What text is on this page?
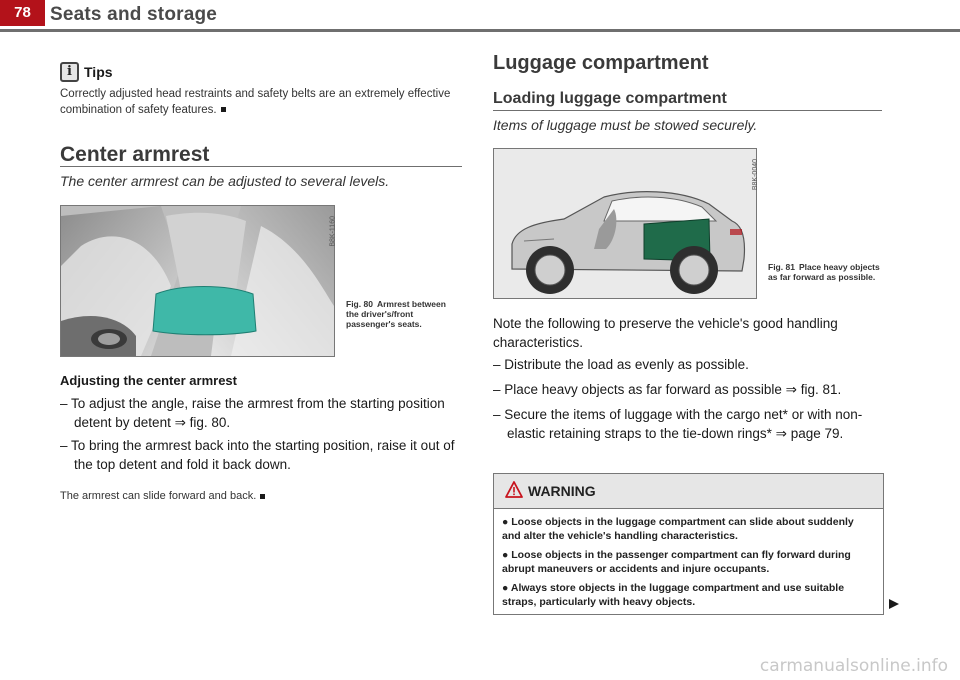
78	Seats and storage
i Tips
Correctly adjusted head restraints and safety belts are an extremely effective combination of safety features.
Center armrest
The center armrest can be adjusted to several levels.
B8K-1160
Fig. 80 Armrest between the driver's/front passenger's seats.
Adjusting the center armrest
– To adjust the angle, raise the armrest from the starting position detent by detent ⇒ fig. 80.
– To bring the armrest back into the starting position, raise it out of the top detent and fold it back down.
The armrest can slide forward and back.
Luggage compartment
Loading luggage compartment
Items of luggage must be stowed securely.
B8K-0040
Fig. 81 Place heavy objects as far forward as possible.
Note the following to preserve the vehicle's good handling characteristics.
– Distribute the load as evenly as possible.
– Place heavy objects as far forward as possible ⇒ fig. 81.
– Secure the items of luggage with the cargo net* or with non-elastic retaining straps to the tie-down rings* ⇒ page 79.
WARNING

● Loose objects in the luggage compartment can slide about suddenly and alter the vehicle's handling characteristics.

● Loose objects in the passenger compartment can fly forward during abrupt maneuvers or accidents and injure occupants.

● Always store objects in the luggage compartment and use suitable straps, particularly with heavy objects.

carmanualsonline.info
